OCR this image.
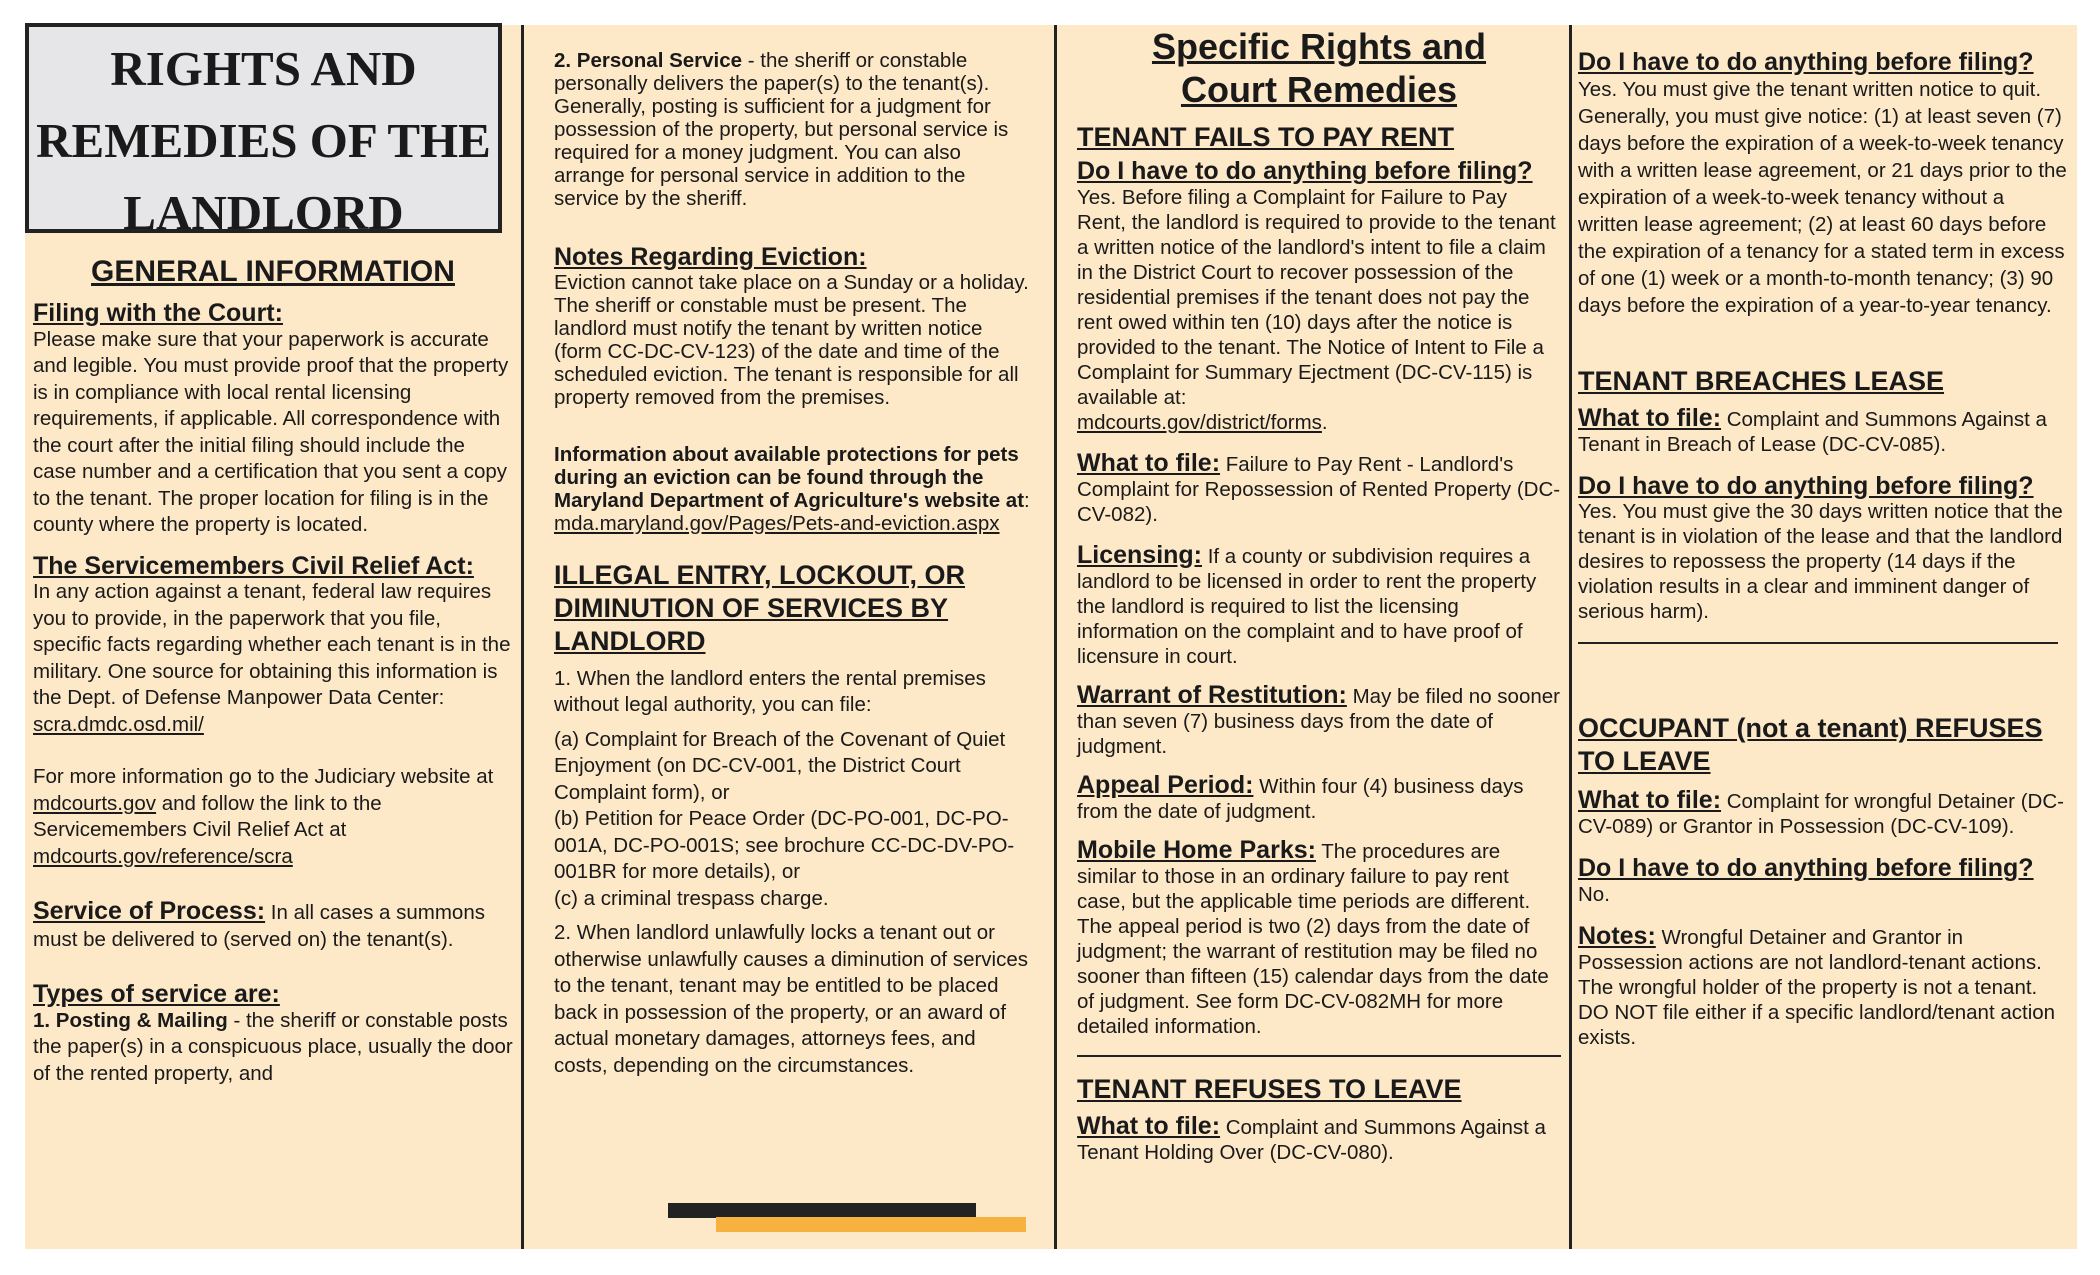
RIGHTS AND REMEDIES OF THE LANDLORD

GENERAL INFORMATION

Filing with the Court:

Please make sure that your paperwork is accurate and legible. You must provide proof that the property is in compliance with local rental licensing requirements, if applicable. All correspondence with the court after the initial filing should include the case number and a certification that you sent a copy to the tenant. The proper location for filing is in the county where the property is located.

The Servicemembers Civil Relief Act:

In any action against a tenant, federal law requires you to provide, in the paperwork that you file, specific facts regarding whether each tenant is in the military. One source for obtaining this information is the Dept. of Defense Manpower Data Center:
scra.dmdc.osd.mil/

For more information go to the Judiciary website at mdcourts.gov and follow the link to the Servicemembers Civil Relief Act at
mdcourts.gov/reference/scra

Service of Process: In all cases a summons must be delivered to (served on) the tenant(s).

Types of service are:

1. Posting & Mailing - the sheriff or constable posts the paper(s) in a conspicuous place, usually the door of the rented property, and

2. Personal Service - the sheriff or constable personally delivers the paper(s) to the tenant(s). Generally, posting is sufficient for a judgment for possession of the property, but personal service is required for a money judgment. You can also arrange for personal service in addition to the service by the sheriff.

Notes Regarding Eviction:

Eviction cannot take place on a Sunday or a holiday. The sheriff or constable must be present. The landlord must notify the tenant by written notice (form CC-DC-CV-123) of the date and time of the scheduled eviction. The tenant is responsible for all property removed from the premises.

Information about available protections for pets during an eviction can be found through the Maryland Department of Agriculture's website at:
mda.maryland.gov/Pages/Pets-and-eviction.aspx

ILLEGAL ENTRY, LOCKOUT, OR DIMINUTION OF SERVICES BY LANDLORD

1. When the landlord enters the rental premises without legal authority, you can file:

(a) Complaint for Breach of the Covenant of Quiet Enjoyment (on DC-CV-001, the District Court Complaint form), or

(b) Petition for Peace Order (DC-PO-001, DC-PO-001A, DC-PO-001S; see brochure CC-DC-DV-PO-001BR for more details), or

(c) a criminal trespass charge.

2. When landlord unlawfully locks a tenant out or otherwise unlawfully causes a diminution of services to the tenant, tenant may be entitled to be placed back in possession of the property, or an award of actual monetary damages, attorneys fees, and costs, depending on the circumstances.

Specific Rights and
Court Remedies

TENANT FAILS TO PAY RENT

Do I have to do anything before filing?

Yes. Before filing a Complaint for Failure to Pay Rent, the landlord is required to provide to the tenant a written notice of the landlord's intent to file a claim in the District Court to recover possession of the residential premises if the tenant does not pay the rent owed within ten (10) days after the notice is provided to the tenant. The Notice of Intent to File a Complaint for Summary Ejectment (DC-CV-115) is available at:
mdcourts.gov/district/forms.

What to file: Failure to Pay Rent - Landlord's Complaint for Repossession of Rented Property (DC-CV-082).

Licensing: If a county or subdivision requires a landlord to be licensed in order to rent the property the landlord is required to list the licensing information on the complaint and to have proof of licensure in court.

Warrant of Restitution: May be filed no sooner than seven (7) business days from the date of judgment.

Appeal Period: Within four (4) business days from the date of judgment.

Mobile Home Parks: The procedures are similar to those in an ordinary failure to pay rent case, but the applicable time periods are different. The appeal period is two (2) days from the date of judgment; the warrant of restitution may be filed no sooner than fifteen (15) calendar days from the date of judgment. See form DC-CV-082MH for more detailed information.

TENANT REFUSES TO LEAVE

What to file: Complaint and Summons Against a Tenant Holding Over (DC-CV-080).

Do I have to do anything before filing?

Yes. You must give the tenant written notice to quit. Generally, you must give notice: (1) at least seven (7) days before the expiration of a week-to-week tenancy with a written lease agreement, or 21 days prior to the expiration of a week-to-week tenancy without a written lease agreement; (2) at least 60 days before the expiration of a tenancy for a stated term in excess of one (1) week or a month-to-month tenancy; (3) 90 days before the expiration of a year-to-year tenancy.

TENANT BREACHES LEASE

What to file: Complaint and Summons Against a Tenant in Breach of Lease (DC-CV-085).

Do I have to do anything before filing?

Yes. You must give the 30 days written notice that the tenant is in violation of the lease and that the landlord desires to repossess the property (14 days if the violation results in a clear and imminent danger of serious harm).

OCCUPANT (not a tenant) REFUSES TO LEAVE

What to file: Complaint for wrongful Detainer (DC-CV-089) or Grantor in Possession (DC-CV-109).

Do I have to do anything before filing?

No.

Notes: Wrongful Detainer and Grantor in Possession actions are not landlord-tenant actions. The wrongful holder of the property is not a tenant. DO NOT file either if a specific landlord/tenant action exists.
